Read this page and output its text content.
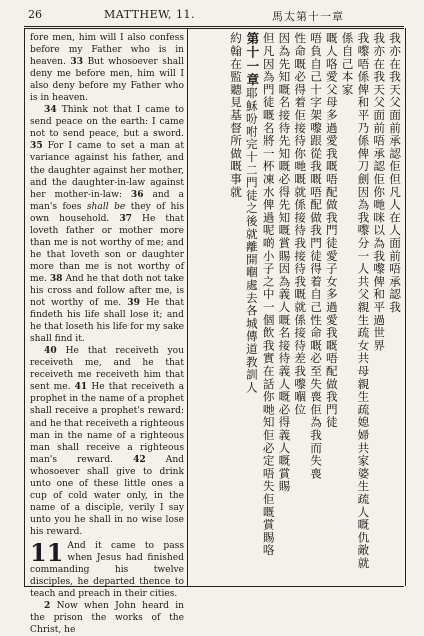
26	MATTHEW, 11.	馬太第十一章

fore men, him will I also confess before my Father who is in heaven. 33 But whosoever shall deny me before men, him will I also deny before my Father who is in heaven.

34 Think not that I came to send peace on the earth: I came not to send peace, but a sword. 35 For I came to set a man at variance against his father, and the daughter against her mother, and the daughter-in-law against her mother-in-law: 36 and a man's foes shall be they of his own household. 37 He that loveth father or mother more than me is not worthy of me; and he that loveth son or daughter more than me is not worthy of me. 38 And he that doth not take his cross and follow after me, is not worthy of me. 39 He that findeth his life shall lose it; and he that loseth his life for my sake shall find it.

40 He that receiveth you receiveth me, and he that receiveth me receiveth him that sent me. 41 He that receiveth a prophet in the name of a prophet shall receive a prophet's reward: and he that receiveth a righteous man in the name of a righteous man shall receive a righteous man's reward. 42 And whosoever shall give to drink unto one of these little ones a cup of cold water only, in the name of a disciple, verily I say unto you he shall in no wise lose his reward.

11 And it came to pass when Jesus had finished commanding his twelve disciples, he departed thence to teach and preach in their cities.

2 Now when John heard in the prison the works of the Christ, he

我亦在我天父面前承認佢但凡人在人面前唔承認我
我亦在我天父面前唔承認佢你哋咪以為我嚟俾和平過世界
我嚟唔係俾和平乃係俾刀劍因為我嚟分一人共父親生疏女共母親生疏媳婦共家婆生疏人嘅仇敵就係自己本家
嘅人咯愛父母多過愛我嘅唔配做我門徒愛子女多過愛我嘅唔配做我門徒
唔負自己十字架嚟跟從我嘅唔配做我門徒得着自己性命嘅必至失喪佢為我而失喪
性命嘅必得着佢接待你哋嘅就係接待我接待我嘅就係接待差我嚟嗰位
因為先知嘅名接待先知嘅必得先知嘅賞賜因為義人嘅名接待義人嘅必得義人嘅賞賜
但凡因為門徒嘅名將一杯凍水俾過呢啲小子之中一個飲我實在話你哋知佢必定唔失佢嘅賞賜咯
第十一章耶穌吩咐完十二門徒之後就離開嗰處去各城傳道教訓人
約翰在監聽見基督所做嘅事就
